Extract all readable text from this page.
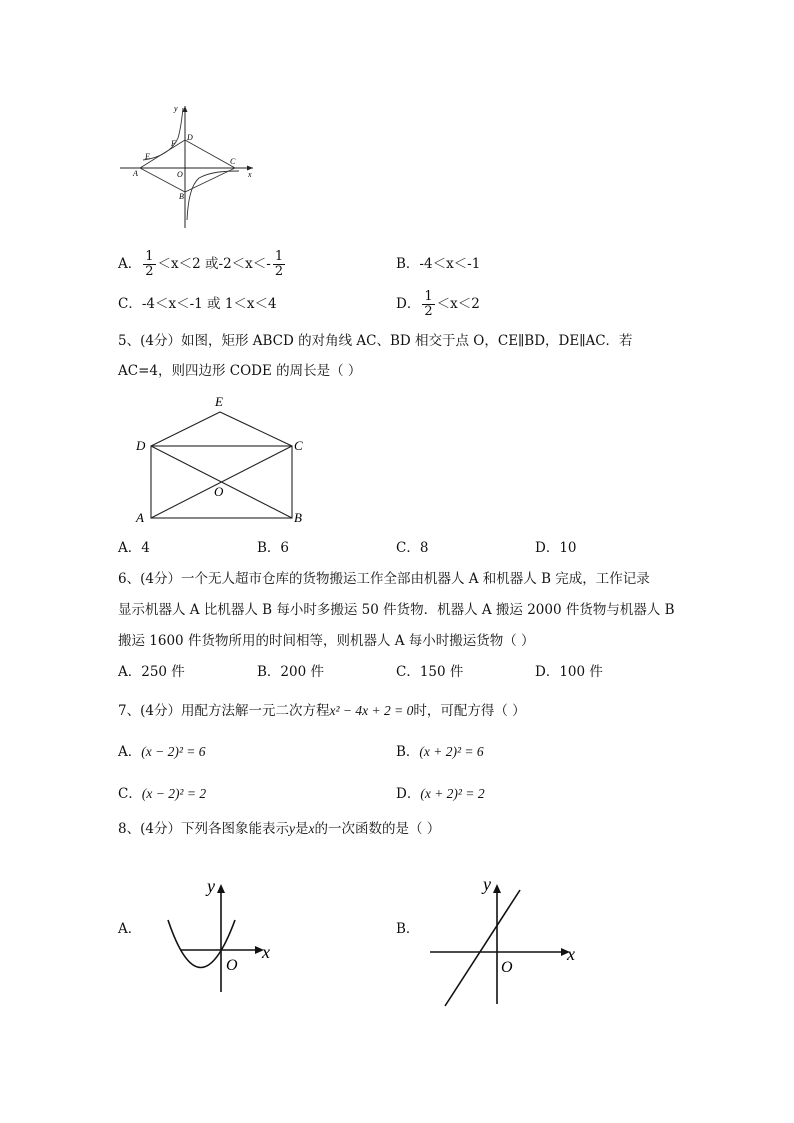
y
x
O
A
B
C
D
E
F
A． $\frac{1}{2} <x<2$ 或$-2<x<- \frac{1}{2}$	B．-4＜x＜-1
C．-4＜x＜-1 或 1＜x＜4	D． $\frac{1}{2} <x<2$
5、(4分）如图，矩形 ABCD 的对角线 AC、BD 相交于点 O，CE∥BD，DE∥AC．若
AC=4，则四边形 CODE 的周长是（ ）
E
D	C
O
A	B
A．4	B．6	C．8	D．10
6、(4分）一个无人超市仓库的货物搬运工作全部由机器人 A 和机器人 B 完成，工作记录
显示机器人 A 比机器人 B 每小时多搬运 50 件货物．机器人 A 搬运 2000 件货物与机器人 B
搬运 1600 件货物所用的时间相等，则机器人 A 每小时搬运货物（ ）
A．250 件	B．200 件	C．150 件	D．100 件
7、(4分）用配方法解一元二次方程x² − 4x + 2 = 0时，可配方得（ ）
A．(x − 2)² = 6	B．(x + 2)² = 6
C．(x − 2)² = 2	D．(x + 2)² = 2
8、(4分）下列各图象能表示y是x的一次函数的是（ ）
A．
y
x
O
B．
y
x
O
